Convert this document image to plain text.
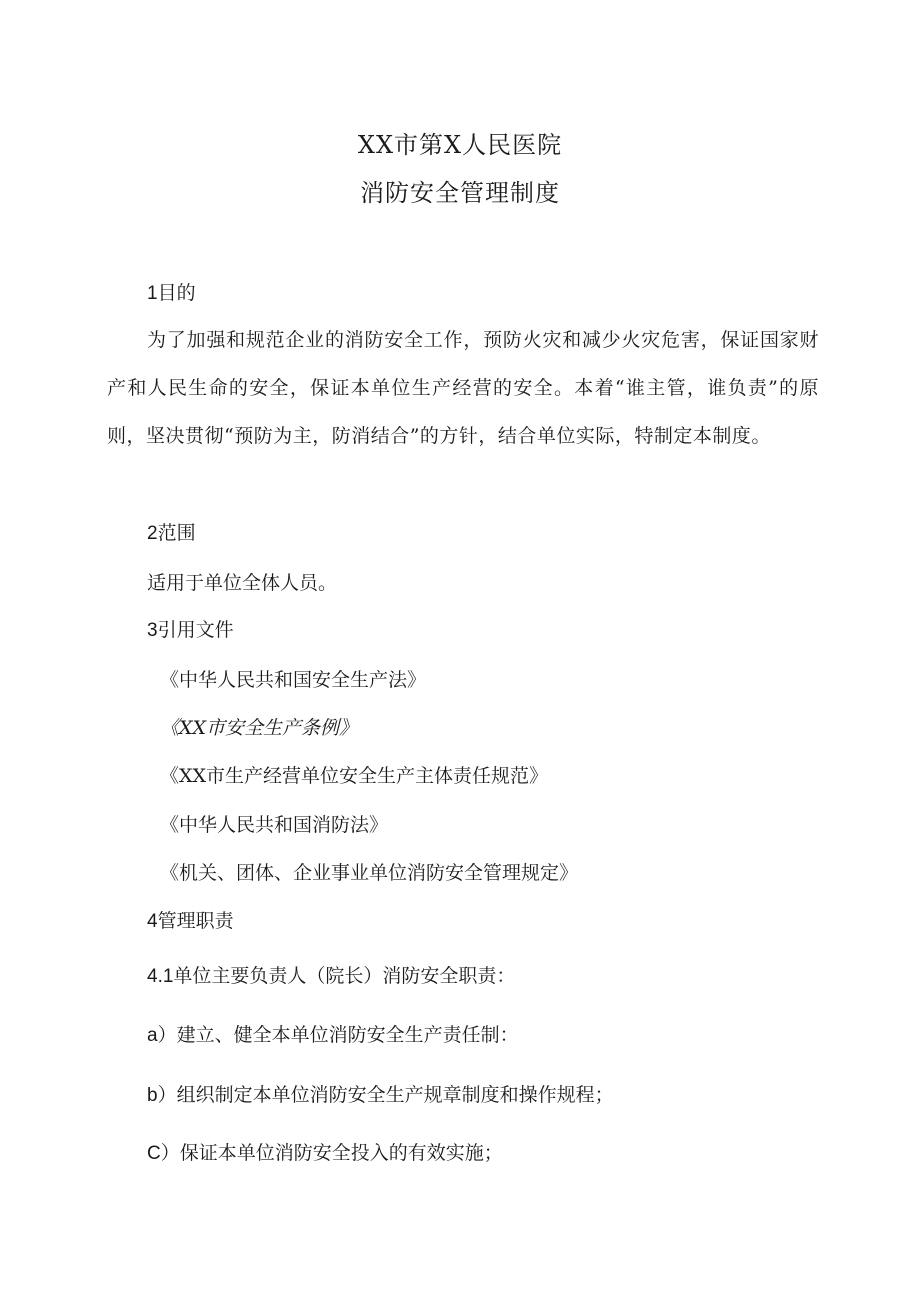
XX市第X人民医院
消防安全管理制度
1目的
为了加强和规范企业的消防安全工作，预防火灾和减少火灾危害，保证国家财产和人民生命的安全，保证本单位生产经营的安全。本着“谁主管，谁负责”的原则，坚决贯彻“预防为主，防消结合”的方针，结合单位实际，特制定本制度。
2范围
适用于单位全体人员。
3引用文件
《中华人民共和国安全生产法》
《XX市安全生产条例》
《XX市生产经营单位安全生产主体责任规范》
《中华人民共和国消防法》
《机关、团体、企业事业单位消防安全管理规定》
4管理职责
4.1单位主要负责人（院长）消防安全职责：
a）建立、健全本单位消防安全生产责任制：
b）组织制定本单位消防安全生产规章制度和操作规程；
C）保证本单位消防安全投入的有效实施；
